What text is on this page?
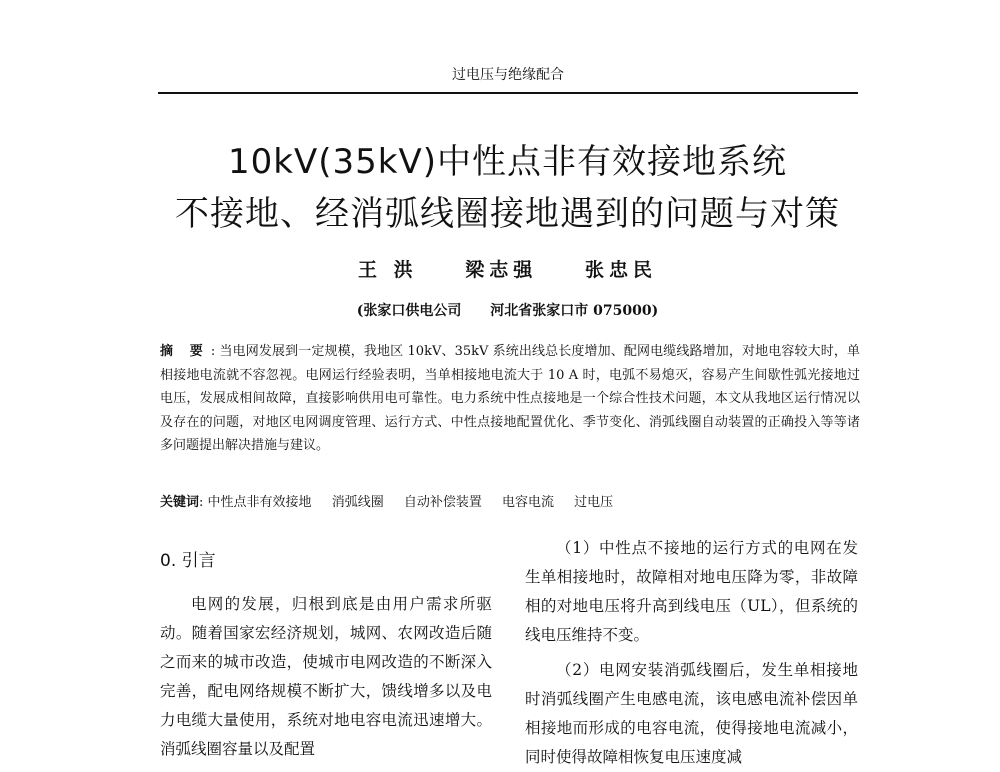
过电压与绝缘配合
10kV(35kV)中性点非有效接地系统
不接地、经消弧线圈接地遇到的问题与对策
王 洪	梁志强	张忠民
(张家口供电公司 河北省张家口市 075000)
摘 要 : 当电网发展到一定规模，我地区 10kV、35kV 系统出线总长度增加、配网电缆线路增加，对地电容较大时，单相接地电流就不容忽视。电网运行经验表明，当单相接地电流大于 10 A 时，电弧不易熄灭，容易产生间歇性弧光接地过电压，发展成相间故障，直接影响供用电可靠性。电力系统中性点接地是一个综合性技术问题，本文从我地区运行情况以及存在的问题，对地区电网调度管理、运行方式、中性点接地配置优化、季节变化、消弧线圈自动装置的正确投入等等诸多问题提出解决措施与建议。
关键词: 中性点非有效接地 消弧线圈 自动补偿装置 电容电流 过电压
0. 引言

电网的发展，归根到底是由用户需求所驱动。随着国家宏经济规划，城网、农网改造后随之而来的城市改造，使城市电网改造的不断深入完善，配电网络规模不断扩大，馈线增多以及电力电缆大量使用，系统对地电容电流迅速增大。消弧线圈容量以及配置

（1）中性点不接地的运行方式的电网在发生单相接地时，故障相对地电压降为零，非故障相的对地电压将升高到线电压（UL），但系统的线电压维持不变。

（2）电网安装消弧线圈后，发生单相接地时消弧线圈产生电感电流，该电感电流补偿因单相接地而形成的电容电流，使得接地电流减小，同时使得故障相恢复电压速度减
